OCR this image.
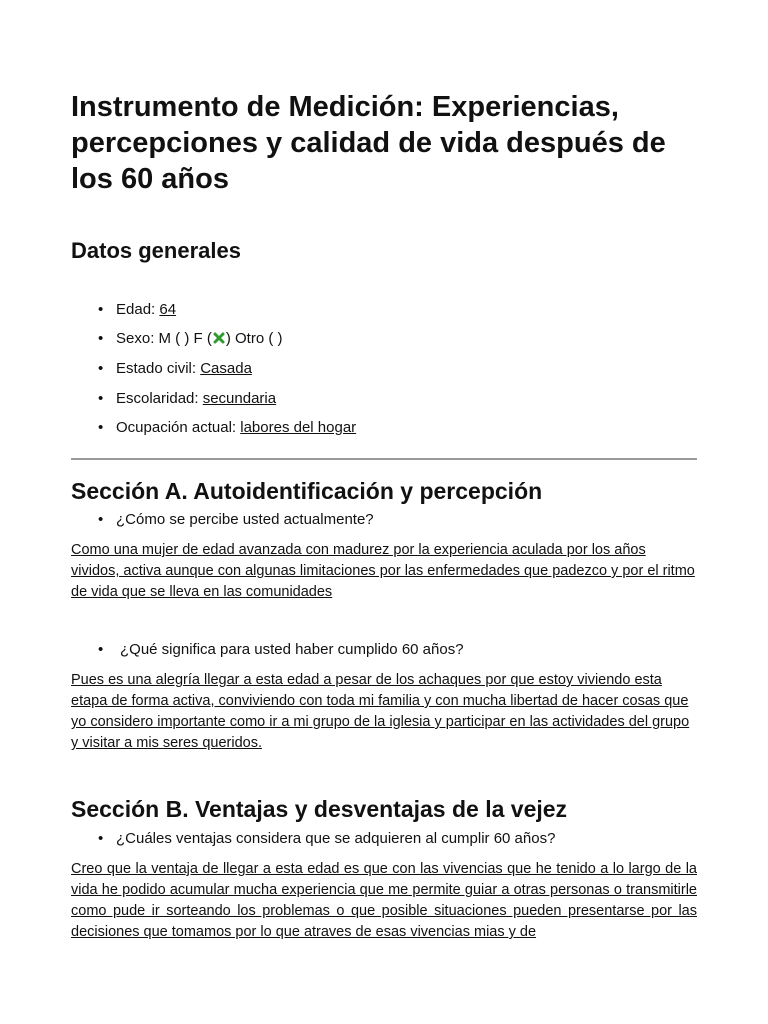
Instrumento de Medición: Experiencias, percepciones y calidad de vida después de los 60 años
Datos generales
• Edad: 64
• Sexo: M ( ) F ( ) Otro ( )
• Estado civil: Casada
• Escolaridad: secundaria
• Ocupación actual: labores del hogar
Sección A. Autoidentificación y percepción
• ¿Cómo se percibe usted actualmente?
Como una mujer de edad avanzada con madurez por la experiencia aculada por los años vividos, activa aunque con algunas limitaciones por las enfermedades que padezco y por el ritmo de vida que se lleva en las comunidades
• ¿Qué significa para usted haber cumplido 60 años?
Pues es una alegría llegar a esta edad a pesar de los achaques por que estoy viviendo esta etapa de forma activa, conviviendo con toda mi familia y con mucha libertad de hacer cosas que yo considero importante como ir a mi grupo de la iglesia y participar en las actividades del grupo y visitar a mis seres queridos.
Sección B. Ventajas y desventajas de la vejez
• ¿Cuáles ventajas considera que se adquieren al cumplir 60 años?
Creo que la ventaja de llegar a esta edad es que con las vivencias que he tenido a lo largo de la vida he podido acumular mucha experiencia que me permite guiar a otras personas o transmitirle como pude ir sorteando los problemas o que posible situaciones pueden presentarse por las decisiones que tomamos por lo que atraves de esas vivencias mias y de
